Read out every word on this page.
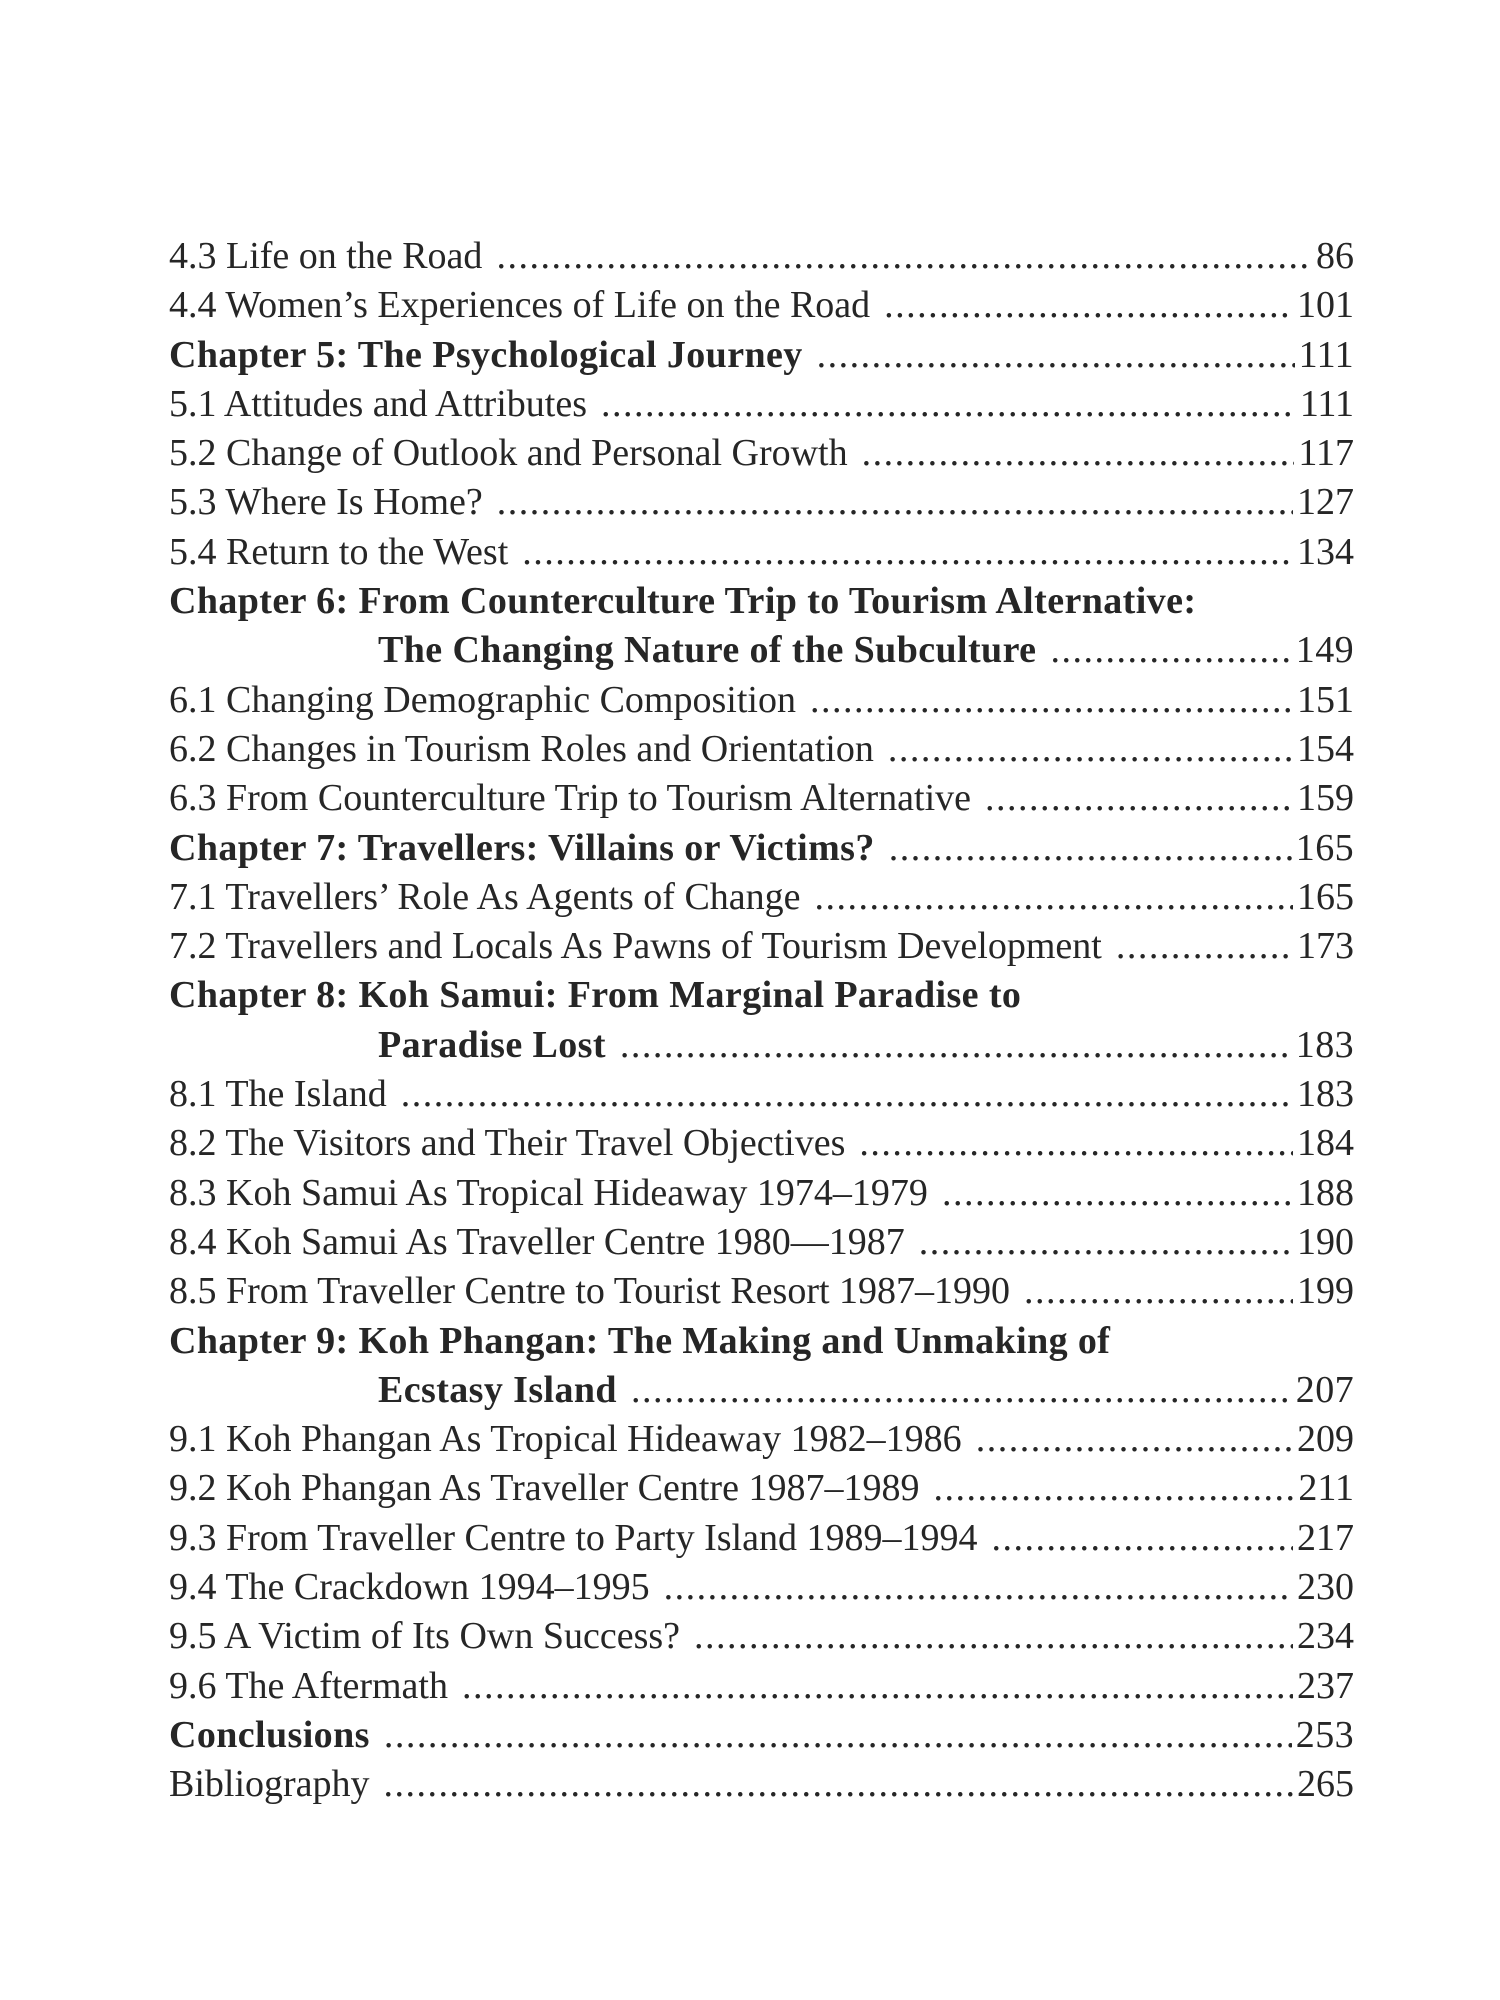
4.3 Life on the Road .....	86
4.4 Women’s Experiences of Life on the Road .....	101
Chapter 5: The Psychological Journey .....	111
5.1 Attitudes and Attributes .....	111
5.2 Change of Outlook and Personal Growth .....	117
5.3 Where Is Home? .....	127
5.4 Return to the West .....	134
Chapter 6: From Counterculture Trip to Tourism Alternative:
The Changing Nature of the Subculture .....	149
6.1 Changing Demographic Composition .....	151
6.2 Changes in Tourism Roles and Orientation .....	154
6.3 From Counterculture Trip to Tourism Alternative .....	159
Chapter 7: Travellers: Villains or Victims? .....	165
7.1 Travellers’ Role As Agents of Change .....	165
7.2 Travellers and Locals As Pawns of Tourism Development .....	173
Chapter 8: Koh Samui: From Marginal Paradise to
Paradise Lost .....	183
8.1 The Island .....	183
8.2 The Visitors and Their Travel Objectives .....	184
8.3 Koh Samui As Tropical Hideaway 1974–1979 .....	188
8.4 Koh Samui As Traveller Centre 1980—1987 .....	190
8.5 From Traveller Centre to Tourist Resort 1987–1990 .....	199
Chapter 9: Koh Phangan: The Making and Unmaking of
Ecstasy Island .....	207
9.1 Koh Phangan As Tropical Hideaway 1982–1986 .....	209
9.2 Koh Phangan As Traveller Centre 1987–1989 .....	211
9.3 From Traveller Centre to Party Island 1989–1994 .....	217
9.4 The Crackdown 1994–1995 .....	230
9.5 A Victim of Its Own Success? .....	234
9.6 The Aftermath .....	237
Conclusions .....	253
Bibliography .....	265
